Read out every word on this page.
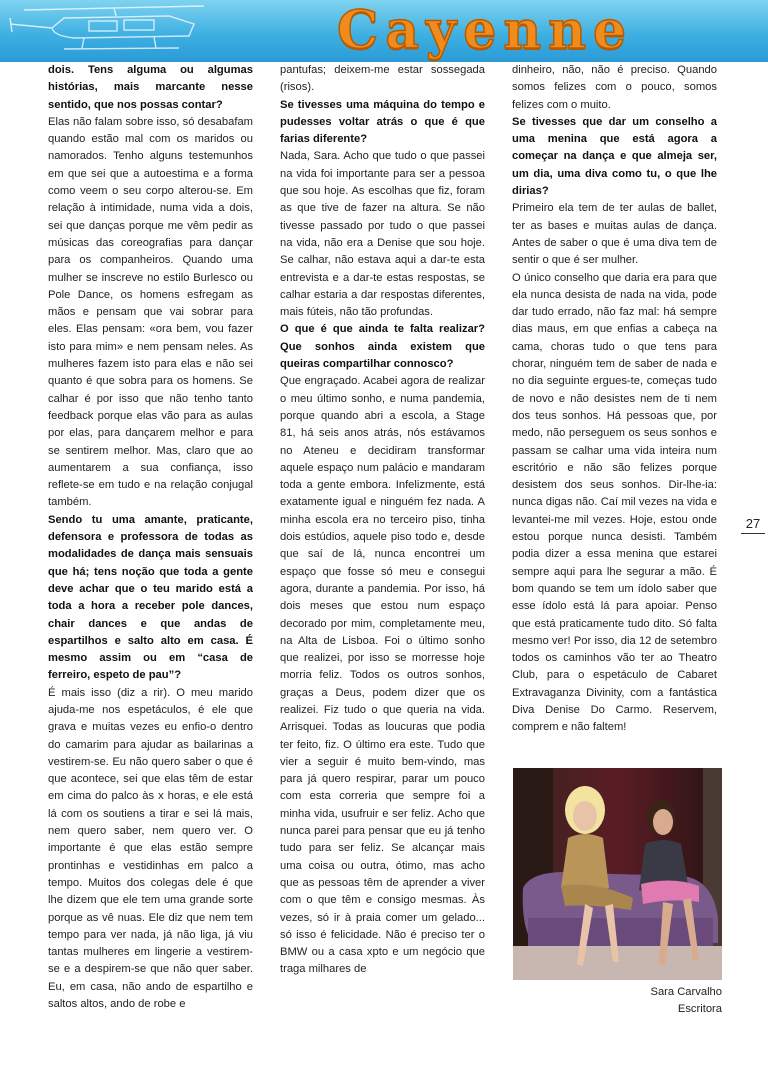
Cayenne

dois. Tens alguma ou algumas histórias, mais marcante nesse sentido, que nos possas contar?

Elas não falam sobre isso, só desabafam quando estão mal com os maridos ou namorados. Tenho alguns testemunhos em que sei que a autoestima e a forma como veem o seu corpo alterou-se. Em relação à intimidade, numa vida a dois, sei que danças porque me vêm pedir as músicas das coreografias para dançar para os companheiros. Quando uma mulher se inscreve no estilo Burlesco ou Pole Dance, os homens esfregam as mãos e pensam que vai sobrar para eles. Elas pensam: «ora bem, vou fazer isto para mim» e nem pensam neles. As mulheres fazem isto para elas e não sei quanto é que sobra para os homens. Se calhar é por isso que não tenho tanto feedback porque elas vão para as aulas por elas, para dançarem melhor e para se sentirem melhor. Mas, claro que ao aumentarem a sua confiança, isso reflete-se em tudo e na relação conjugal também.

Sendo tu uma amante, praticante, defensora e professora de todas as modalidades de dança mais sensuais que há; tens noção que toda a gente deve achar que o teu marido está a toda a hora a receber pole dances, chair dances e que andas de espartilhos e salto alto em casa. É mesmo assim ou em “casa de ferreiro, espeto de pau”?

É mais isso (diz a rir). O meu marido ajuda-me nos espetáculos, é ele que grava e muitas vezes eu enfio-o dentro do camarim para ajudar as bailarinas a vestirem-se. Eu não quero saber o que é que acontece, sei que elas têm de estar em cima do palco às x horas, e ele está lá com os soutiens a tirar e sei lá mais, nem quero saber, nem quero ver. O importante é que elas estão sempre prontinhas e vestidinhas em palco a tempo. Muitos dos colegas dele é que lhe dizem que ele tem uma grande sorte porque as vê nuas. Ele diz que nem tem tempo para ver nada, já não liga, já viu tantas mulheres em lingerie a vestirem-se e a despirem-se que não quer saber. Eu, em casa, não ando de espartilho e saltos altos, ando de robe e

pantufas; deixem-me estar sossegada (risos).

Se tivesses uma máquina do tempo e pudesses voltar atrás o que é que farias diferente?

Nada, Sara. Acho que tudo o que passei na vida foi importante para ser a pessoa que sou hoje. As escolhas que fiz, foram as que tive de fazer na altura. Se não tivesse passado por tudo o que passei na vida, não era a Denise que sou hoje. Se calhar, não estava aqui a dar-te esta entrevista e a dar-te estas respostas, se calhar estaria a dar respostas diferentes, mais fúteis, não tão profundas.

O que é que ainda te falta realizar? Que sonhos ainda existem que queiras compartilhar connosco?

Que engraçado. Acabei agora de realizar o meu último sonho, e numa pandemia, porque quando abri a escola, a Stage 81, há seis anos atrás, nós estávamos no Ateneu e decidiram transformar aquele espaço num palácio e mandaram toda a gente embora. Infelizmente, está exatamente igual e ninguém fez nada. A minha escola era no terceiro piso, tinha dois estúdios, aquele piso todo e, desde que saí de lá, nunca encontrei um espaço que fosse só meu e consegui agora, durante a pandemia. Por isso, há dois meses que estou num espaço decorado por mim, completamente meu, na Alta de Lisboa. Foi o último sonho que realizei, por isso se morresse hoje morria feliz. Todos os outros sonhos, graças a Deus, podem dizer que os realizei. Fiz tudo o que queria na vida. Arrisquei. Todas as loucuras que podia ter feito, fiz. O último era este. Tudo que vier a seguir é muito bem-vindo, mas para já quero respirar, parar um pouco com esta correria que sempre foi a minha vida, usufruir e ser feliz. Acho que nunca parei para pensar que eu já tenho tudo para ser feliz. Se alcançar mais uma coisa ou outra, ótimo, mas acho que as pessoas têm de aprender a viver com o que têm e consigo mesmas. Às vezes, só ir à praia comer um gelado... só isso é felicidade. Não é preciso ter o BMW ou a casa xpto e um negócio que traga milhares de

dinheiro, não, não é preciso. Quando somos felizes com o pouco, somos felizes com o muito.

Se tivesses que dar um conselho a uma menina que está agora a começar na dança e que almeja ser, um dia, uma diva como tu, o que lhe dirias?

Primeiro ela tem de ter aulas de ballet, ter as bases e muitas aulas de dança. Antes de saber o que é uma diva tem de sentir o que é ser mulher.

O único conselho que daria era para que ela nunca desista de nada na vida, pode dar tudo errado, não faz mal: há sempre dias maus, em que enfias a cabeça na cama, choras tudo o que tens para chorar, ninguém tem de saber de nada e no dia seguinte ergues-te, começas tudo de novo e não desistes nem de ti nem dos teus sonhos. Há pessoas que, por medo, não perseguem os seus sonhos e passam se calhar uma vida inteira num escritório e não são felizes porque desistem dos seus sonhos. Dir-lhe-ia: nunca digas não. Caí mil vezes na vida e levantei-me mil vezes. Hoje, estou onde estou porque nunca desisti. Também podia dizer a essa menina que estarei sempre aqui para lhe segurar a mão. É bom quando se tem um ídolo saber que esse ídolo está lá para apoiar. Penso que está praticamente tudo dito. Só falta mesmo ver! Por isso, dia 12 de setembro todos os caminhos vão ter ao Theatro Club, para o espetáculo de Cabaret Extravaganza Divinity, com a fantástica Diva Denise Do Carmo. Reservem, comprem e não faltem!

27
Sara Carvalho
Escritora
